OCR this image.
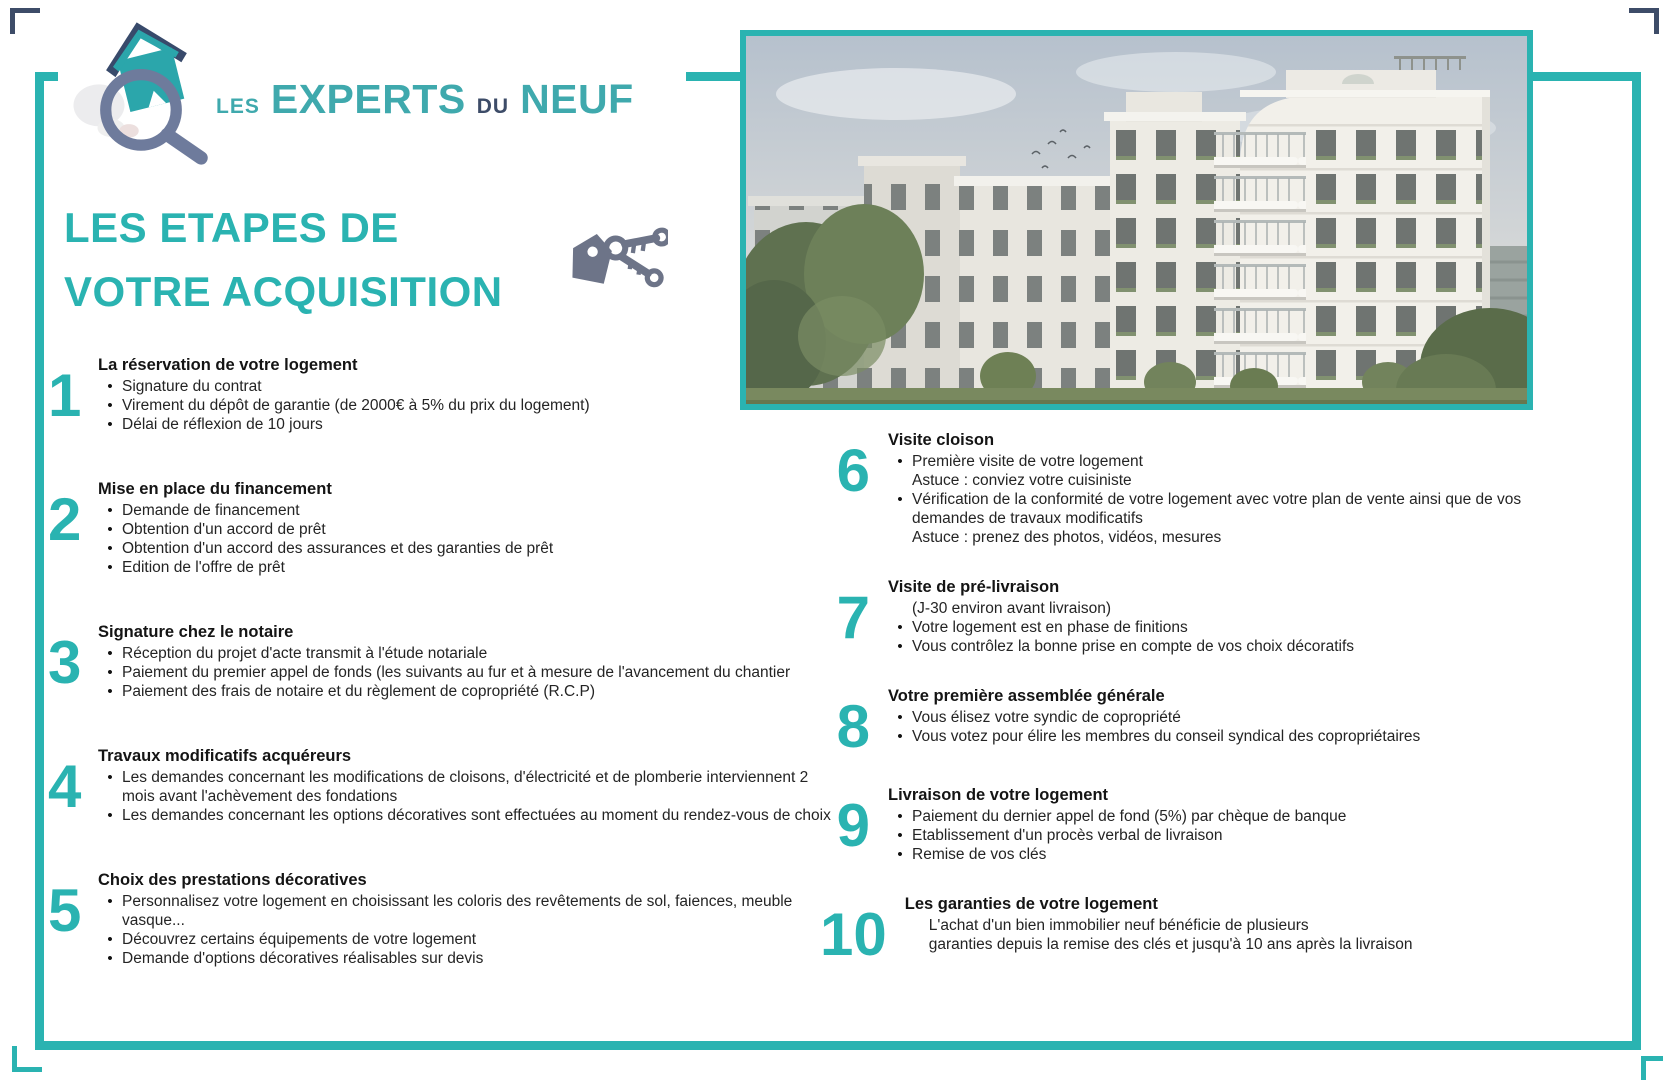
LES EXPERTS DU NEUF
LES ETAPES DE
VOTRE ACQUISITION
1	La réservation de votre logement
• Signature du contrat
• Virement du dépôt de garantie (de 2000€ à 5% du prix du logement)
• Délai de réflexion de 10 jours
2	Mise en place du financement
• Demande de financement
• Obtention d'un accord de prêt
• Obtention d'un accord des assurances et des garanties de prêt
• Edition de l'offre de prêt
3	Signature chez le notaire
• Réception du projet d'acte transmit à l'étude notariale
• Paiement du premier appel de fonds (les suivants au fur et à mesure de l'avancement du chantier
• Paiement des frais de notaire et du règlement de copropriété (R.C.P)
4	Travaux modificatifs acquéreurs
• Les demandes concernant les modifications de cloisons, d'électricité et de plomberie interviennent 2
mois avant l'achèvement des fondations
• Les demandes concernant les options décoratives sont effectuées au moment du rendez-vous de choix
5	Choix des prestations décoratives
• Personnalisez votre logement en choisissant les coloris des revêtements de sol, faiences, meuble
vasque...
• Découvrez certains équipements de votre logement
• Demande d'options décoratives réalisables sur devis
6	Visite cloison
• Première visite de votre logement
Astuce : conviez votre cuisiniste
• Vérification de la conformité de votre logement avec votre plan de vente ainsi que de vos
demandes de travaux modificatifs
Astuce : prenez des photos, vidéos, mesures
7	Visite de pré-livraison
(J-30 environ avant livraison)
• Votre logement est en phase de finitions
• Vous contrôlez la bonne prise en compte de vos choix décoratifs
8	Votre première assemblée générale
• Vous élisez votre syndic de copropriété
• Vous votez pour élire les membres du conseil syndical des copropriétaires
9	Livraison de votre logement
• Paiement du dernier appel de fond (5%) par chèque de banque
• Etablissement d'un procès verbal de livraison
• Remise de vos clés
10	Les garanties de votre logement
L'achat d'un bien immobilier neuf bénéficie de plusieurs
garanties depuis la remise des clés et jusqu'à 10 ans après la livraison
